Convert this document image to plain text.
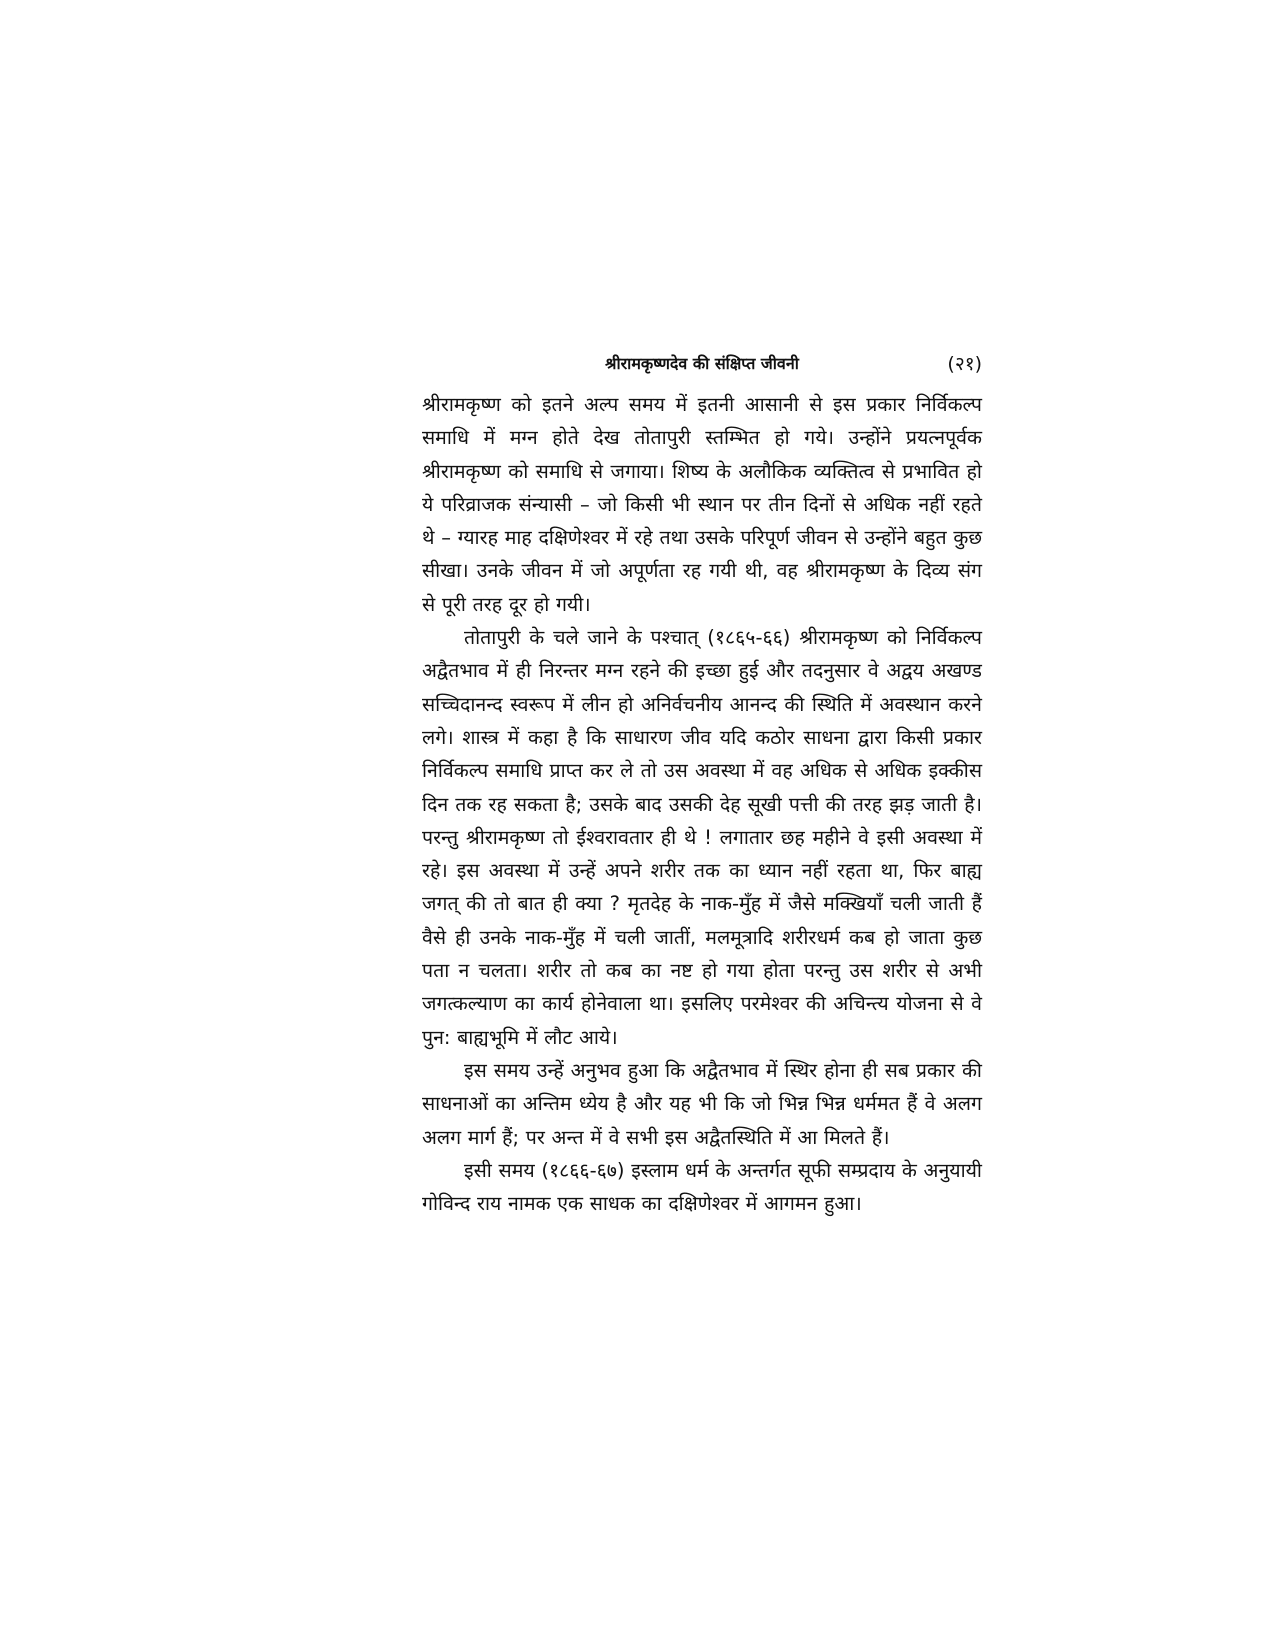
श्रीरामकृष्णदेव की संक्षिप्त जीवनी	(२१)

श्रीरामकृष्ण को इतने अल्प समय में इतनी आसानी से इस प्रकार निर्विकल्प समाधि में मग्न होते देख तोतापुरी स्तम्भित हो गये। उन्होंने प्रयत्नपूर्वक श्रीरामकृष्ण को समाधि से जगाया। शिष्य के अलौकिक व्यक्तित्व से प्रभावित हो ये परिव्राजक संन्यासी – जो किसी भी स्थान पर तीन दिनों से अधिक नहीं रहते थे – ग्यारह माह दक्षिणेश्वर में रहे तथा उसके परिपूर्ण जीवन से उन्होंने बहुत कुछ सीखा। उनके जीवन में जो अपूर्णता रह गयी थी, वह श्रीरामकृष्ण के दिव्य संग से पूरी तरह दूर हो गयी।

तोतापुरी के चले जाने के पश्चात् (१८६५-६६) श्रीरामकृष्ण को निर्विकल्प अद्वैतभाव में ही निरन्तर मग्न रहने की इच्छा हुई और तदनुसार वे अद्वय अखण्ड सच्चिदानन्द स्वरूप में लीन हो अनिर्वचनीय आनन्द की स्थिति में अवस्थान करने लगे। शास्त्र में कहा है कि साधारण जीव यदि कठोर साधना द्वारा किसी प्रकार निर्विकल्प समाधि प्राप्त कर ले तो उस अवस्था में वह अधिक से अधिक इक्कीस दिन तक रह सकता है; उसके बाद उसकी देह सूखी पत्ती की तरह झड़ जाती है। परन्तु श्रीरामकृष्ण तो ईश्वरावतार ही थे ! लगातार छह महीने वे इसी अवस्था में रहे। इस अवस्था में उन्हें अपने शरीर तक का ध्यान नहीं रहता था, फिर बाह्य जगत् की तो बात ही क्या ? मृतदेह के नाक-मुँह में जैसे मक्खियाँ चली जाती हैं वैसे ही उनके नाक-मुँह में चली जातीं, मलमूत्रादि शरीरधर्म कब हो जाता कुछ पता न चलता। शरीर तो कब का नष्ट हो गया होता परन्तु उस शरीर से अभी जगत्कल्याण का कार्य होनेवाला था। इसलिए परमेश्वर की अचिन्त्य योजना से वे पुन: बाह्यभूमि में लौट आये।

इस समय उन्हें अनुभव हुआ कि अद्वैतभाव में स्थिर होना ही सब प्रकार की साधनाओं का अन्तिम ध्येय है और यह भी कि जो भिन्न भिन्न धर्ममत हैं वे अलग अलग मार्ग हैं; पर अन्त में वे सभी इस अद्वैतस्थिति में आ मिलते हैं।

इसी समय (१८६६-६७) इस्लाम धर्म के अन्तर्गत सूफी सम्प्रदाय के अनुयायी गोविन्द राय नामक एक साधक का दक्षिणेश्वर में आगमन हुआ।
